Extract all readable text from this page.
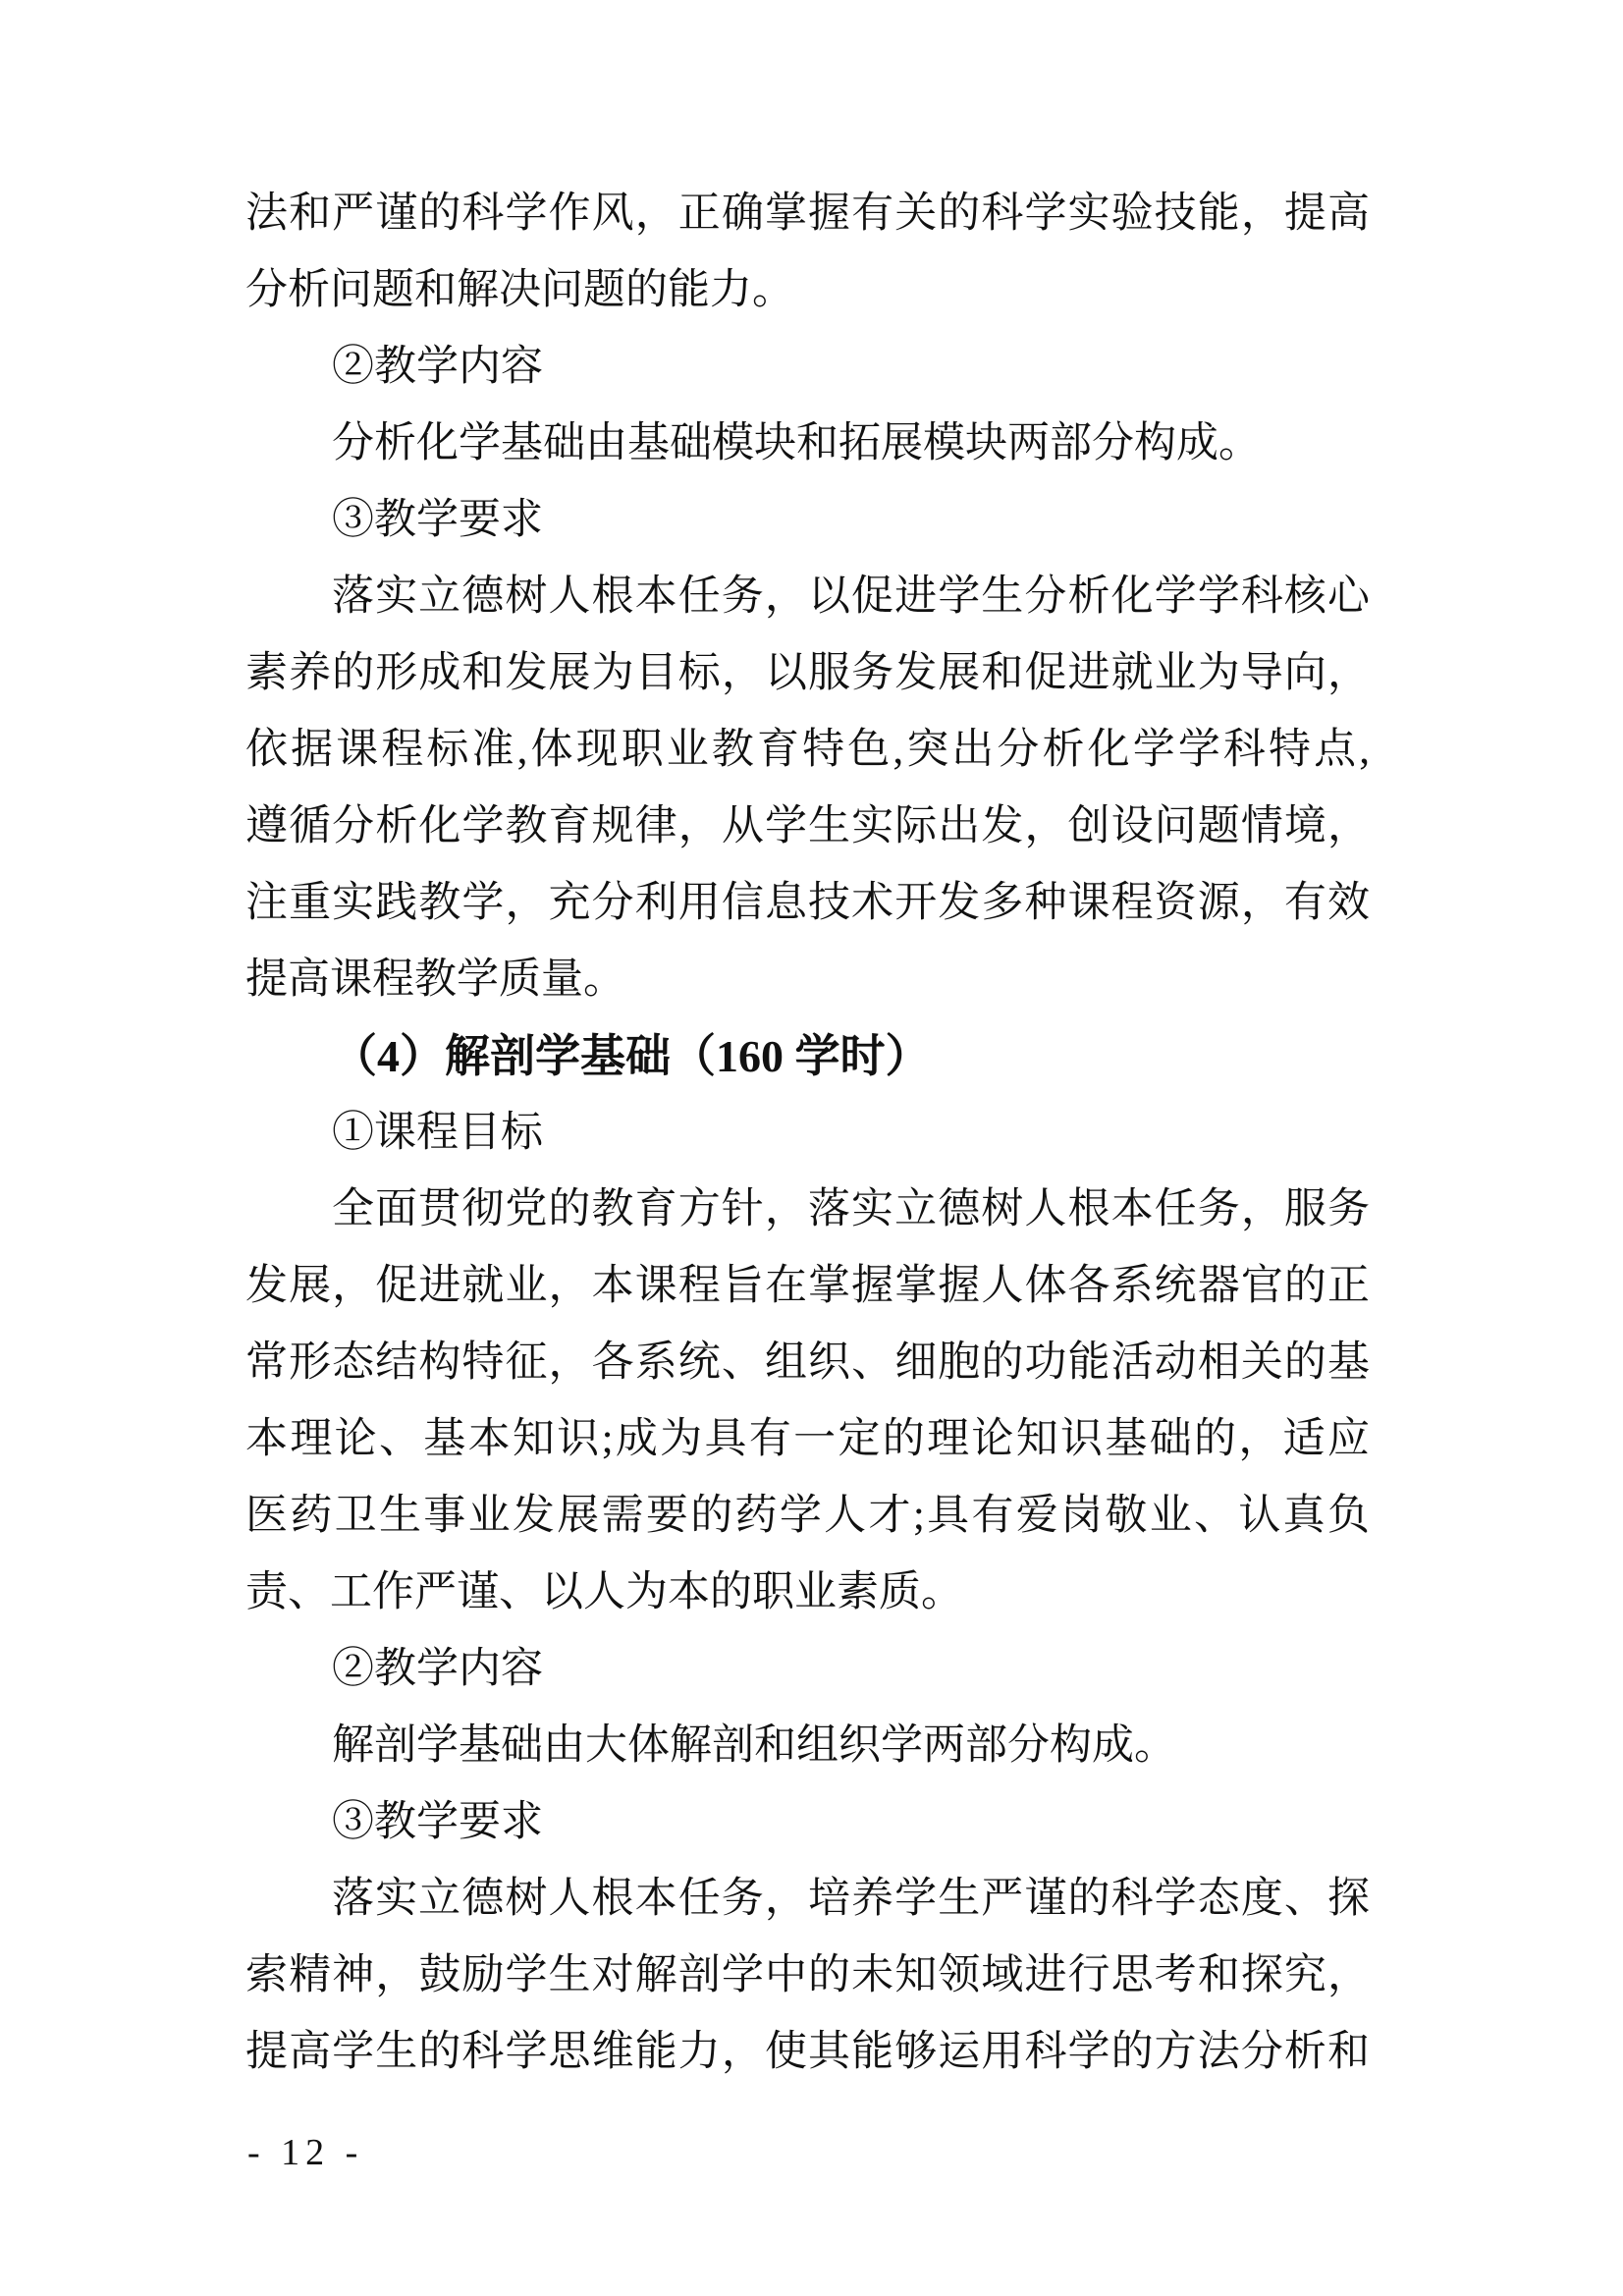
法和严谨的科学作风，正确掌握有关的科学实验技能，提高
分析问题和解决问题的能力。
②教学内容
分析化学基础由基础模块和拓展模块两部分构成。
③教学要求
落实立德树人根本任务，以促进学生分析化学学科核心
素养的形成和发展为目标，以服务发展和促进就业为导向，
依据课程标准,体现职业教育特色,突出分析化学学科特点,
遵循分析化学教育规律，从学生实际出发，创设问题情境，
注重实践教学，充分利用信息技术开发多种课程资源，有效
提高课程教学质量。
（4）解剖学基础（160 学时）
①课程目标
全面贯彻党的教育方针，落实立德树人根本任务，服务
发展，促进就业，本课程旨在掌握掌握人体各系统器官的正
常形态结构特征，各系统、组织、细胞的功能活动相关的基
本理论、基本知识;成为具有一定的理论知识基础的，适应
医药卫生事业发展需要的药学人才;具有爱岗敬业、认真负
责、工作严谨、以人为本的职业素质。
②教学内容
解剖学基础由大体解剖和组织学两部分构成。
③教学要求
落实立德树人根本任务，培养学生严谨的科学态度、探
索精神，鼓励学生对解剖学中的未知领域进行思考和探究，
提高学生的科学思维能力，使其能够运用科学的方法分析和
- 12 -
